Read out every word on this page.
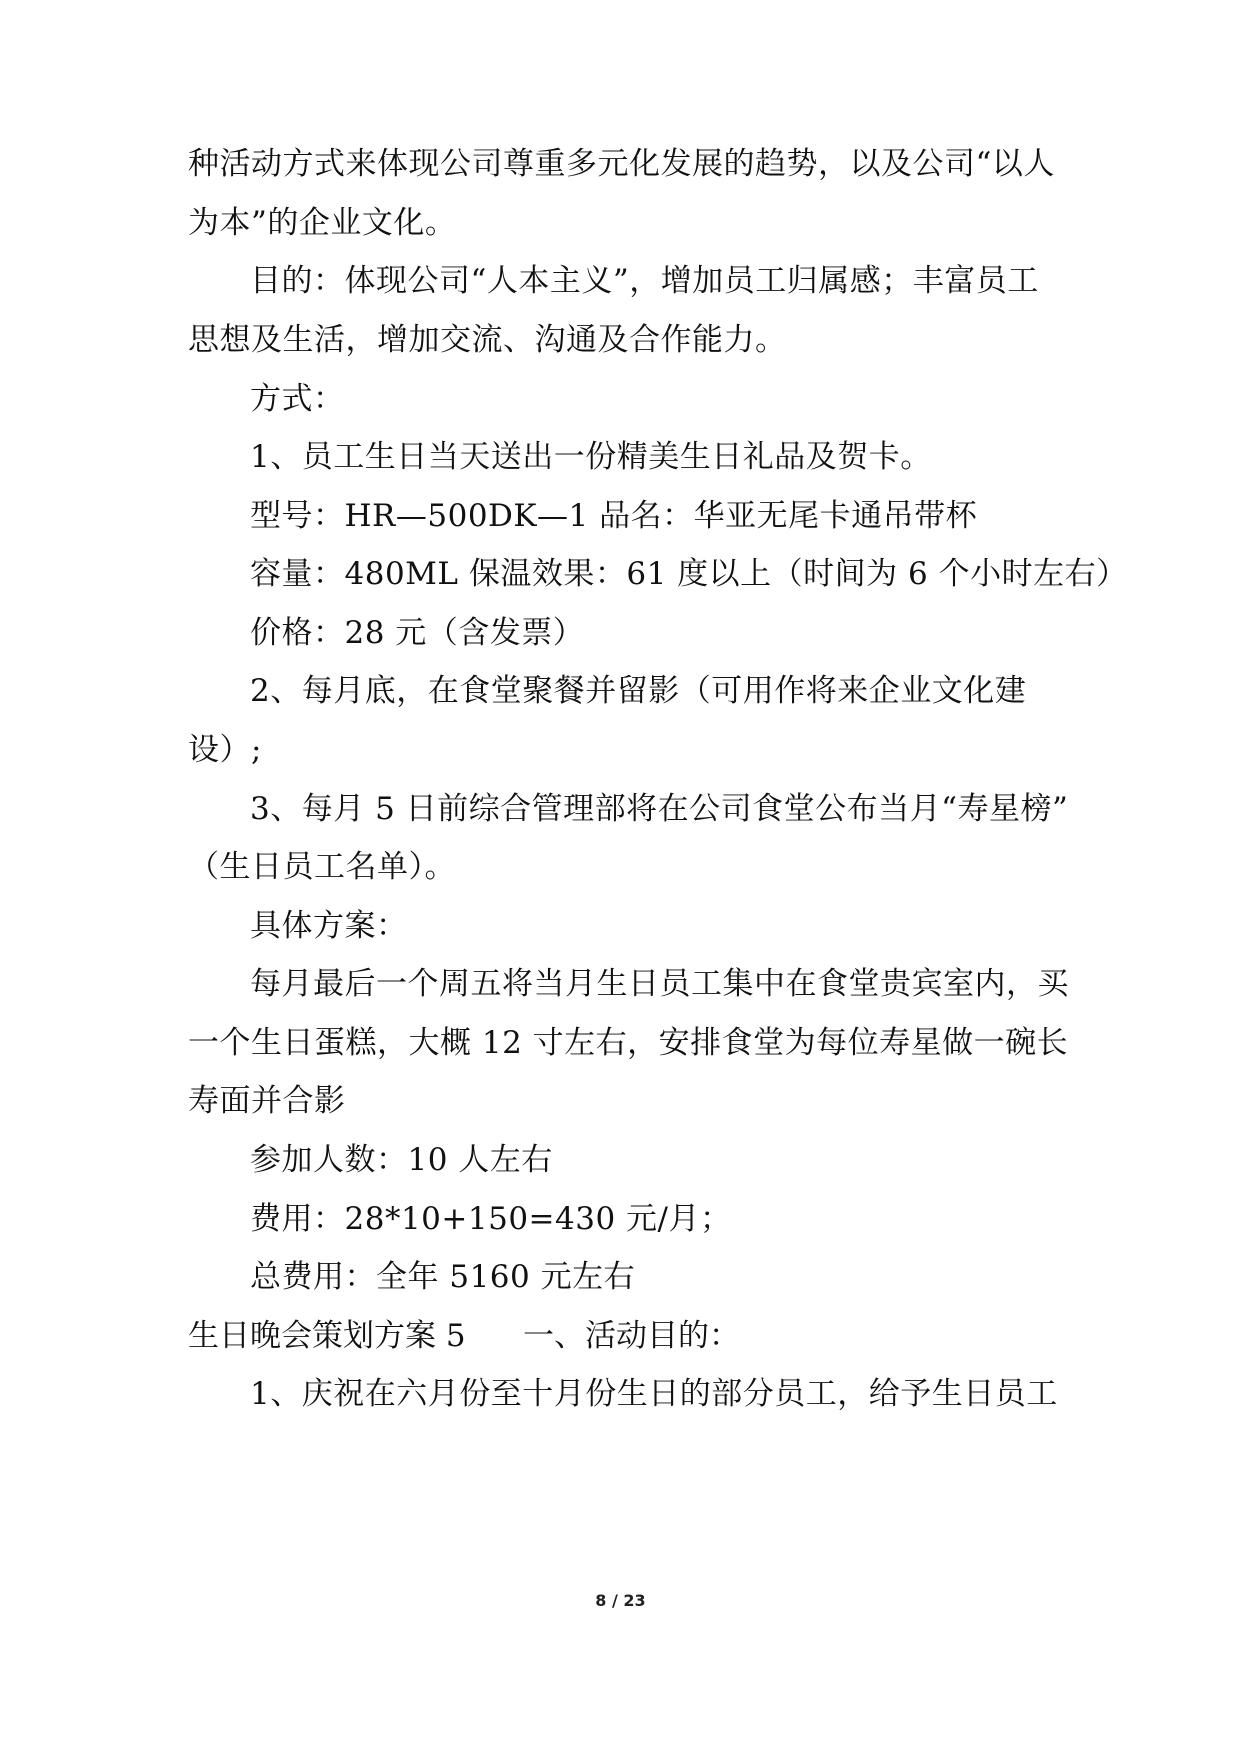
种活动方式来体现公司尊重多元化发展的趋势，以及公司“以人
为本”的企业文化。
目的：体现公司“人本主义”，增加员工归属感；丰富员工
思想及生活，增加交流、沟通及合作能力。
方式：
1、员工生日当天送出一份精美生日礼品及贺卡。
型号：HR—500DK—1 品名：华亚无尾卡通吊带杯
容量：480ML 保温效果：61 度以上（时间为 6 个小时左右）
价格：28 元（含发票）
2、每月底，在食堂聚餐并留影（可用作将来企业文化建
设）;
3、每月 5 日前综合管理部将在公司食堂公布当月“寿星榜”
（生日员工名单）。
具体方案：
每月最后一个周五将当月生日员工集中在食堂贵宾室内，买
一个生日蛋糕，大概 12 寸左右，安排食堂为每位寿星做一碗长
寿面并合影
参加人数：10 人左右
费用：28*10+150=430 元/月；
总费用：全年 5160 元左右
生日晚会策划方案 5 一、活动目的：
1、庆祝在六月份至十月份生日的部分员工，给予生日员工
8 / 23
